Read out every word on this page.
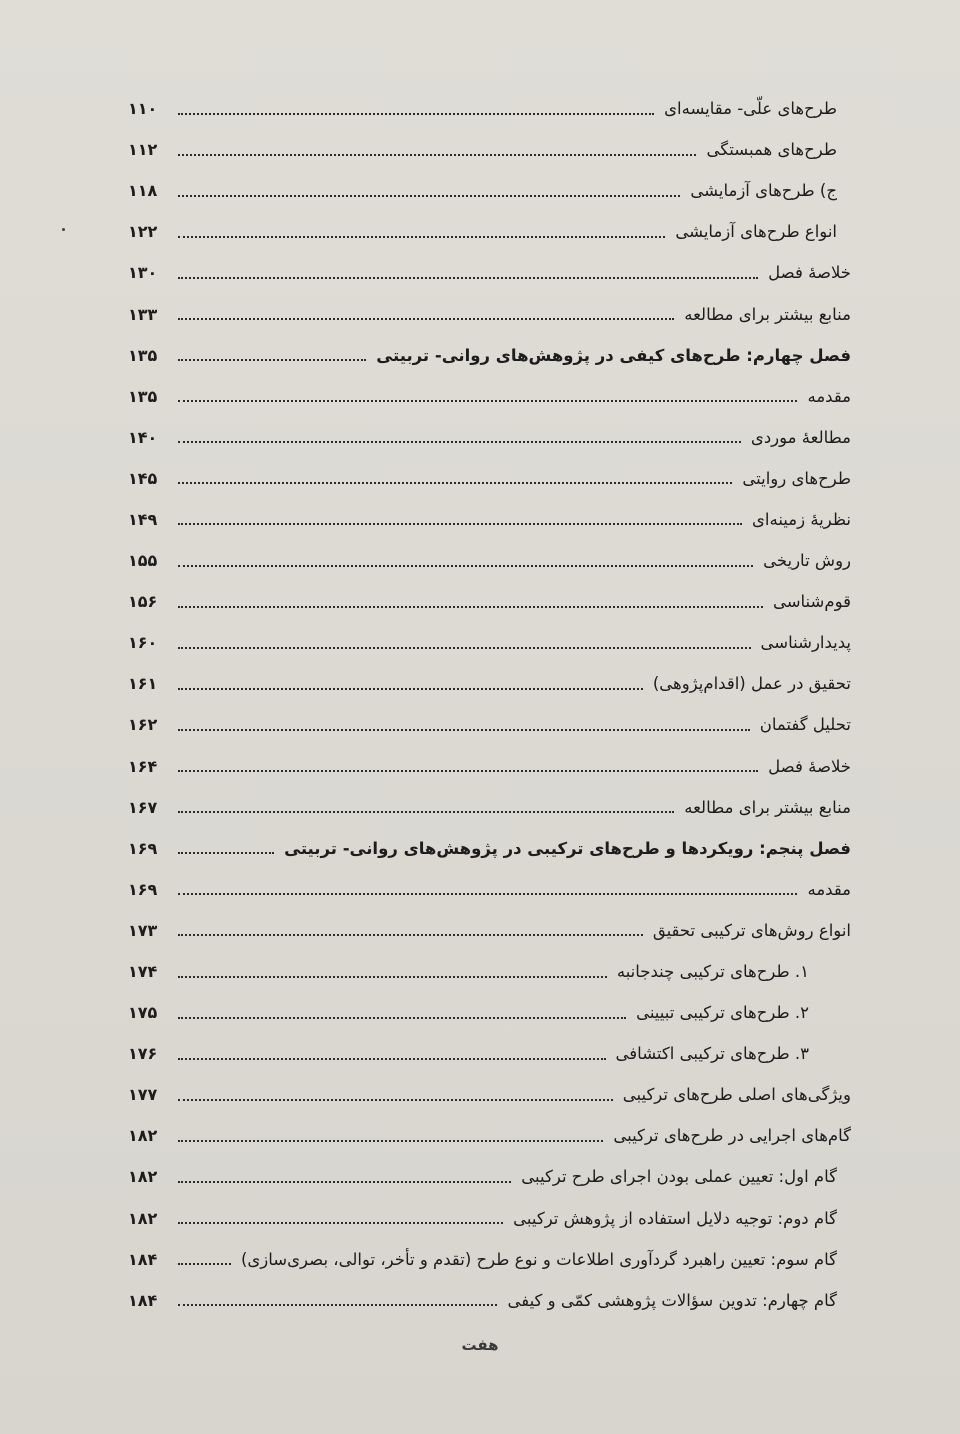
طرح‌های علّی- مقایسه‌ای
۱۱۰
طرح‌های همبستگی
۱۱۲
ج) طرح‌های آزمایشی
۱۱۸
انواع طرح‌های آزمایشی
۱۲۲
خلاصهٔ فصل
۱۳۰
منابع بیشتر برای مطالعه
۱۳۳
فصل چهارم: طرح‌های کیفی در پژوهش‌های روانی- تربیتی
۱۳۵
مقدمه
۱۳۵
مطالعهٔ موردی
۱۴۰
طرح‌های روایتی
۱۴۵
نظریهٔ زمینه‌ای
۱۴۹
روش تاریخی
۱۵۵
قوم‌شناسی
۱۵۶
پدیدارشناسی
۱۶۰
تحقیق در عمل (اقدام‌پژوهی)
۱۶۱
تحلیل گفتمان
۱۶۲
خلاصهٔ فصل
۱۶۴
منابع بیشتر برای مطالعه
۱۶۷
فصل پنجم: رویکردها و طرح‌های ترکیبی در پژوهش‌های روانی- تربیتی
۱۶۹
مقدمه
۱۶۹
انواع روش‌های ترکیبی تحقیق
۱۷۳
۱. طرح‌های ترکیبی چندجانبه
۱۷۴
۲. طرح‌های ترکیبی تبیینی
۱۷۵
۳. طرح‌های ترکیبی اکتشافی
۱۷۶
ویژگی‌های اصلی طرح‌های ترکیبی
۱۷۷
گام‌های اجرایی در طرح‌های ترکیبی
۱۸۲
گام اول: تعیین عملی بودن اجرای طرح ترکیبی
۱۸۲
گام دوم: توجیه دلایل استفاده از پژوهش ترکیبی
۱۸۲
گام سوم: تعیین راهبرد گردآوری اطلاعات و نوع طرح (تقدم و تأخر، توالی، بصری‌سازی)
۱۸۴
گام چهارم: تدوین سؤالات پژوهشی کمّی و کیفی
۱۸۴
هفت
